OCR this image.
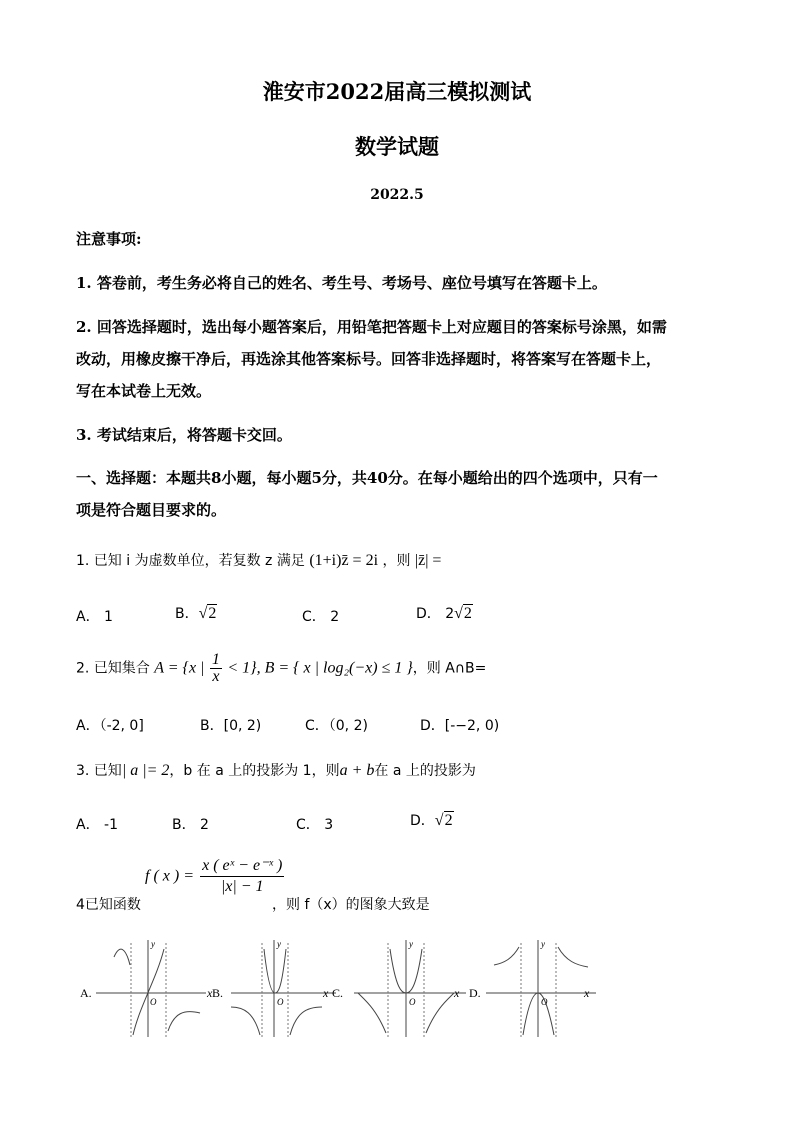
淮安市2022届高三模拟测试
数学试题
2022.5
注意事项:
1. 答卷前，考生务必将自己的姓名、考生号、考场号、座位号填写在答题卡上。
2. 回答选择题时，选出每小题答案后，用铅笔把答题卡上对应题目的答案标号涂黑，如需
改动，用橡皮擦干净后，再选涂其他答案标号。回答非选择题时，将答案写在答题卡上，
写在本试卷上无效。
3. 考试结束后，将答题卡交回。
一、选择题：本题共8小题，每小题5分，共40分。在每小题给出的四个选项中，只有一
项是符合题目要求的。
1. 已知 i 为虚数单位，若复数 z 满足 (1+i)z̄ = 2i ，则 |z̄| =
A． 1	B．√2	C． 2	D． 2√2
2. 已知集合 A = {x | $\frac{1}{x} < 1$}, B = { x | log₂(−x) ≤ 1 }，则 A∩B=
A．（-2, 0]	B．[0, 2)	C．（0, 2)	D．[-−2, 0)
3. 已知| a |= 2，b 在 a 上的投影为 1，则a + b在 a 上的投影为
A． -1	B． 2	C． 3	D．√2
4已知函数
f ( x ) = $\frac{\text{x ( eˣ − e⁻ˣ )}}{|x| - 1}$
，则 f（x）的图象大致是
A.	x
y
O
B.	x
y
O
C.	x
y
O
D.	x
y
O
